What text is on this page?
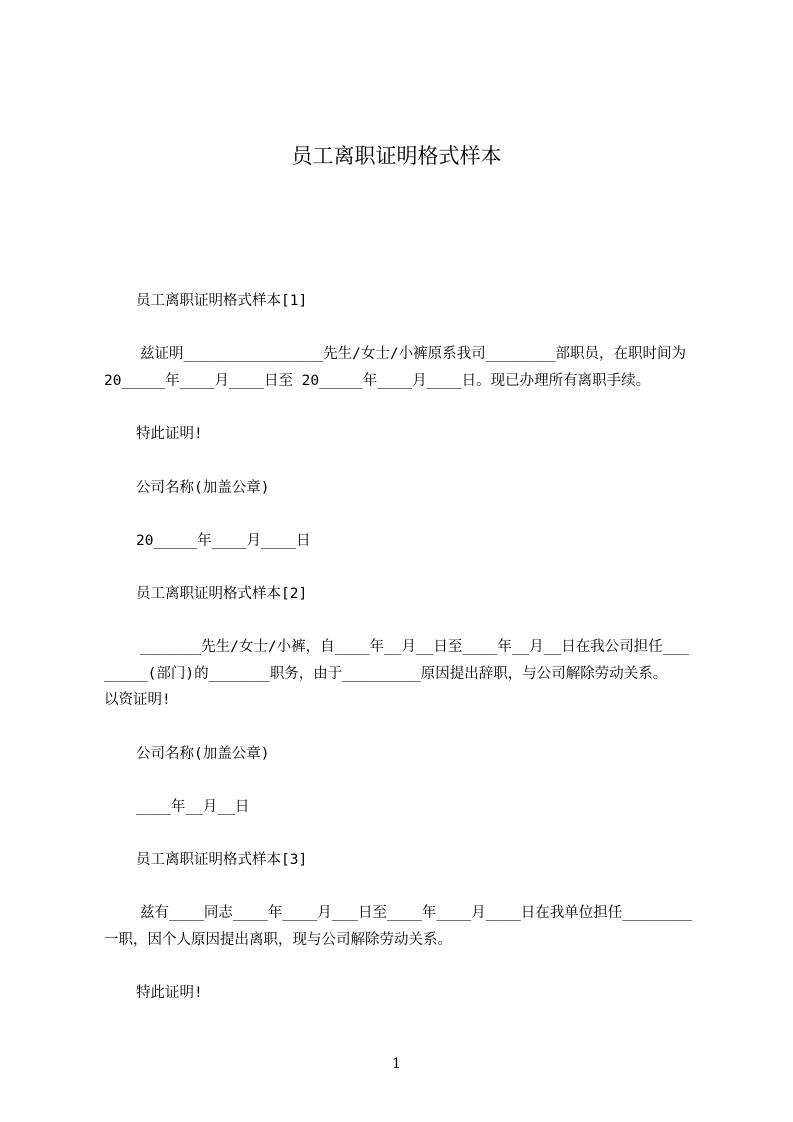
员工离职证明格式样本

员工离职证明格式样本[1]

兹证明________________先生/女士/小裤原系我司________部职员，在职时间为

20_____年____月____日至 20_____年____月____日。现已办理所有离职手续。

特此证明!

公司名称(加盖公章)

20_____年____月____日

员工离职证明格式样本[2]

_______先生/女士/小裤，自____年__月__日至____年__月__日在我公司担任___

_____(部门)的_______职务，由于_________原因提出辞职，与公司解除劳动关系。

以资证明!

公司名称(加盖公章)

____年__月__日

员工离职证明格式样本[3]

兹有____同志____年____月___日至____年____月____日在我单位担任________

一职，因个人原因提出离职，现与公司解除劳动关系。

特此证明!

1
